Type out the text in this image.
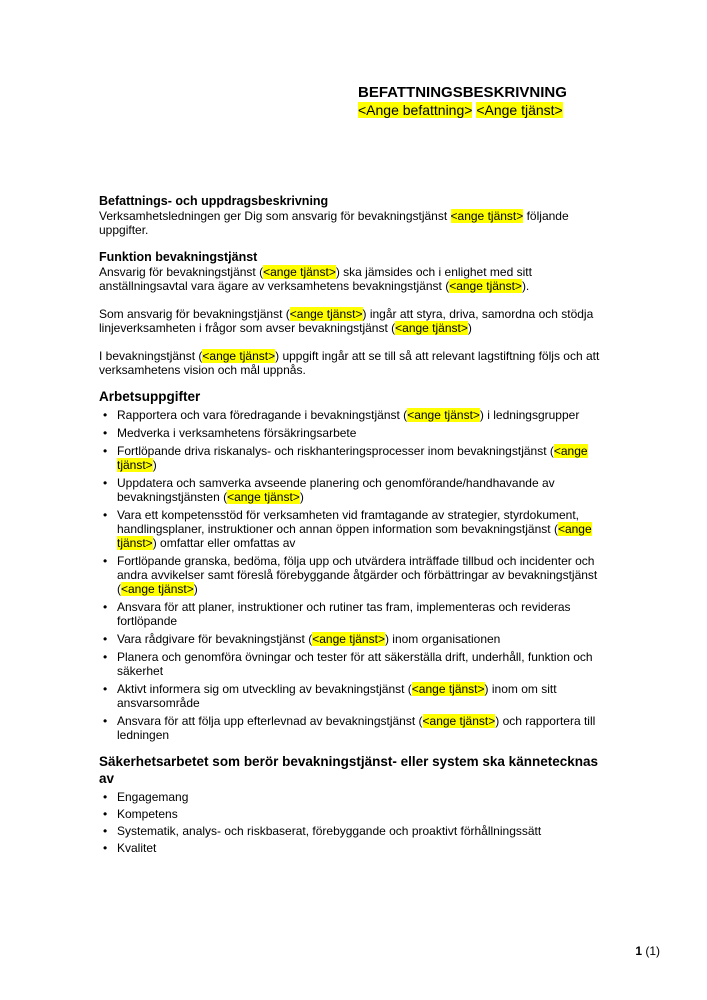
BEFATTNINGSBESKRIVNING
<Ange befattning> <Ange tjänst>
Befattnings- och uppdragsbeskrivning

Verksamhetsledningen ger Dig som ansvarig för bevakningstjänst <ange tjänst> följande uppgifter.

Funktion bevakningstjänst

Ansvarig för bevakningstjänst (<ange tjänst>) ska jämsides och i enlighet med sitt anställningsavtal vara ägare av verksamhetens bevakningstjänst (<ange tjänst>).

Som ansvarig för bevakningstjänst (<ange tjänst>) ingår att styra, driva, samordna och stödja linjeverksamheten i frågor som avser bevakningstjänst (<ange tjänst>)

I bevakningstjänst (<ange tjänst>) uppgift ingår att se till så att relevant lagstiftning följs och att verksamhetens vision och mål uppnås.

Arbetsuppgifter
• Rapportera och vara föredragande i bevakningstjänst (<ange tjänst>) i ledningsgrupper
• Medverka i verksamhetens försäkringsarbete
• Fortlöpande driva riskanalys- och riskhanteringsprocesser inom bevakningstjänst (<ange tjänst>)
• Uppdatera och samverka avseende planering och genomförande/handhavande av bevakningstjänsten (<ange tjänst>)
• Vara ett kompetensstöd för verksamheten vid framtagande av strategier, styrdokument, handlingsplaner, instruktioner och annan öppen information som bevakningstjänst (<ange tjänst>) omfattar eller omfattas av
• Fortlöpande granska, bedöma, följa upp och utvärdera inträffade tillbud och incidenter och andra avvikelser samt föreslå förebyggande åtgärder och förbättringar av bevakningstjänst (<ange tjänst>)
• Ansvara för att planer, instruktioner och rutiner tas fram, implementeras och revideras fortlöpande
• Vara rådgivare för bevakningstjänst (<ange tjänst>) inom organisationen
• Planera och genomföra övningar och tester för att säkerställa drift, underhåll, funktion och säkerhet
• Aktivt informera sig om utveckling av bevakningstjänst (<ange tjänst>) inom om sitt ansvarsområde
• Ansvara för att följa upp efterlevnad av bevakningstjänst (<ange tjänst>) och rapportera till ledningen
Säkerhetsarbetet som berör bevakningstjänst- eller system ska kännetecknas av
• Engagemang
• Kompetens
• Systematik, analys- och riskbaserat, förebyggande och proaktivt förhållningssätt
• Kvalitet
1 (1)
